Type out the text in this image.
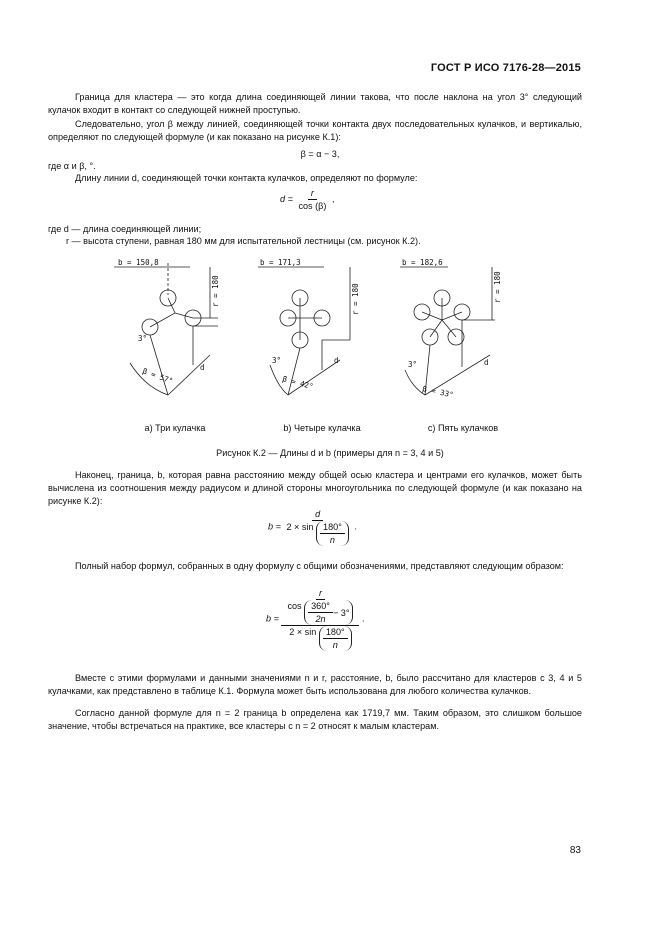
ГОСТ Р ИСО 7176-28—2015
Граница для кластера — это когда длина соединяющей линии такова, что после наклона на угол 3° следующий кулачок входит в контакт со следующей нижней проступью.
Следовательно, угол β между линией, соединяющей точки контакта двух последовательных кулачков, и вертикалью, определяют по следующей формуле (и как показано на рисунке К.1):
β = α − 3,
где α и β, °.
Длину линии d, соединяющей точки контакта кулачков, определяют по формуле:
$d = \frac{r}{\cos (\beta)}$ ,
где d — длина соединяющей линии;
r — высота ступени, равная 180 мм для испытательной лестницы (см. рисунок К.2).
b = 150,8
r = 180
3°
d
β = 57°
b = 171,3
r = 180
3°	d
β = 42°
b = 182,6
r = 180
3°	d
β = 33°
a) Три кулачка	b) Четыре кулачка	c) Пять кулачков
Рисунок К.2 — Длины d и b (примеры для n = 3, 4 и 5)
Наконец, граница, b, которая равна расстоянию между общей осью кластера и центрами его кулачков, может быть вычислена из соотношения между радиусом и длиной стороны многоугольника по следующей формуле (и как показано на рисунке К.2):
$b = \frac{d}{2 \times \sin \frac{180^\circ}{n}}$ .
Полный набор формул, собранных в одну формулу с общими обозначениями, представляют следующим образом:
b =
r
$\cos \frac{360^\circ}{2n} - 3^\circ$
$2 \times \sin \frac{180^\circ}{n}$
.
Вместе с этими формулами и данными значениями n и r, расстояние, b, было рассчитано для кластеров с 3, 4 и 5 кулачками, как представлено в таблице К.1. Формула может быть использована для любого количества кулачков.
Согласно данной формуле для n = 2 граница b определена как 1719,7 мм. Таким образом, это слишком большое значение, чтобы встречаться на практике, все кластеры с n = 2 относят к малым кластерам.
83
